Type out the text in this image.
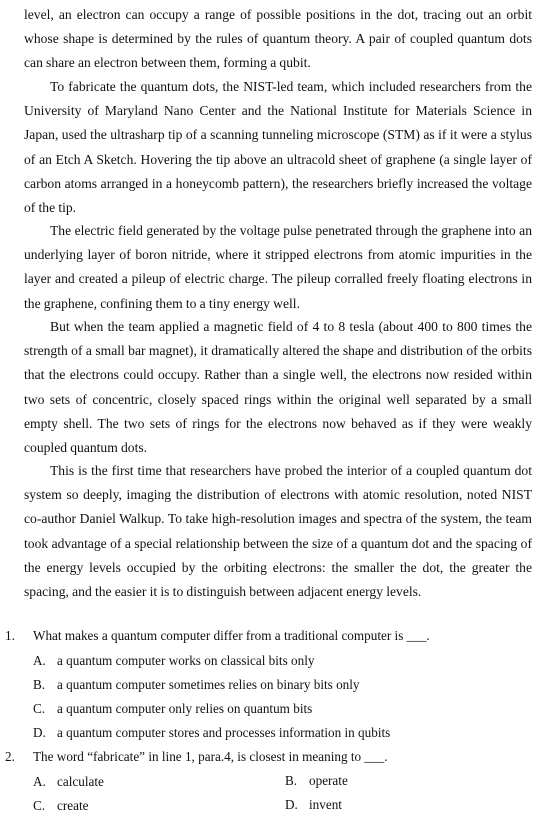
level, an electron can occupy a range of possible positions in the dot, tracing out an orbit whose shape is determined by the rules of quantum theory. A pair of coupled quantum dots can share an electron between them, forming a qubit.

To fabricate the quantum dots, the NIST-led team, which included researchers from the University of Maryland Nano Center and the National Institute for Materials Science in Japan, used the ultrasharp tip of a scanning tunneling microscope (STM) as if it were a stylus of an Etch A Sketch. Hovering the tip above an ultracold sheet of graphene (a single layer of carbon atoms arranged in a honeycomb pattern), the researchers briefly increased the voltage of the tip.

The electric field generated by the voltage pulse penetrated through the graphene into an underlying layer of boron nitride, where it stripped electrons from atomic impurities in the layer and created a pileup of electric charge. The pileup corralled freely floating electrons in the graphene, confining them to a tiny energy well.

But when the team applied a magnetic field of 4 to 8 tesla (about 400 to 800 times the strength of a small bar magnet), it dramatically altered the shape and distribution of the orbits that the electrons could occupy. Rather than a single well, the electrons now resided within two sets of concentric, closely spaced rings within the original well separated by a small empty shell. The two sets of rings for the electrons now behaved as if they were weakly coupled quantum dots.

This is the first time that researchers have probed the interior of a coupled quantum dot system so deeply, imaging the distribution of electrons with atomic resolution, noted NIST co-author Daniel Walkup. To take high-resolution images and spectra of the system, the team took advantage of a special relationship between the size of a quantum dot and the spacing of the energy levels occupied by the orbiting electrons: the smaller the dot, the greater the spacing, and the easier it is to distinguish between adjacent energy levels.

1. What makes a quantum computer differ from a traditional computer is ___.
A. a quantum computer works on classical bits only
B. a quantum computer sometimes relies on binary bits only
C. a quantum computer only relies on quantum bits
D. a quantum computer stores and processes information in qubits
2. The word “fabricate” in line 1, para.4, is closest in meaning to ___.
A. calculate	B. operate
C. create	D. invent
